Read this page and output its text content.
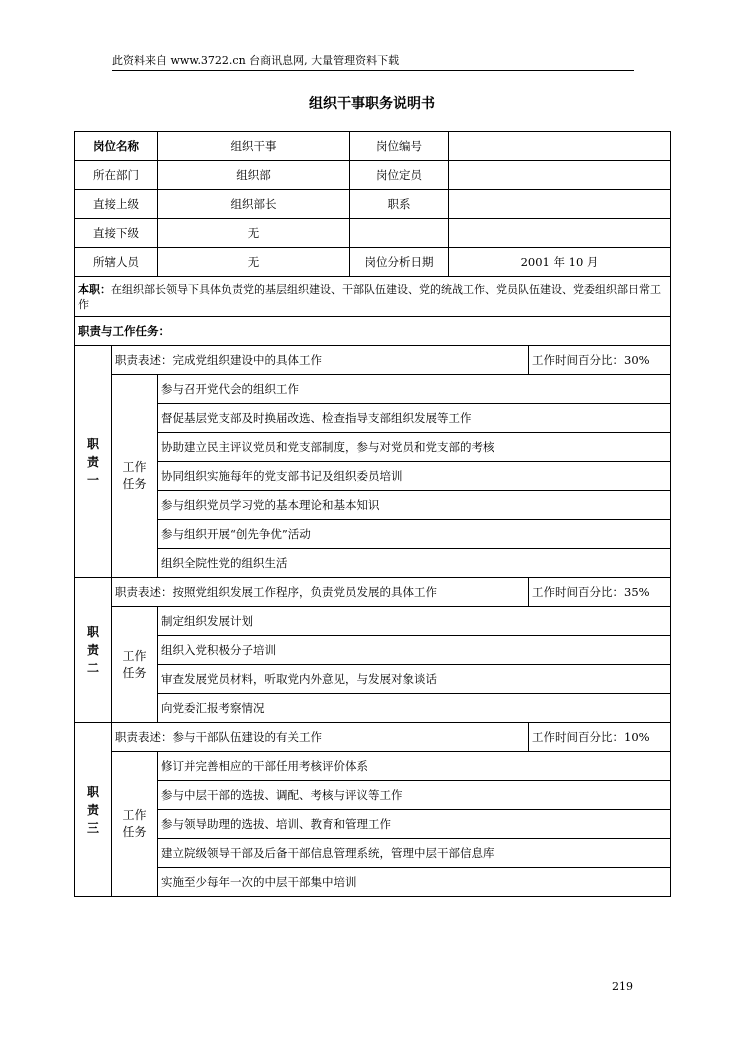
此资料来自 www.3722.cn 台商讯息网, 大量管理资料下载
组织干事职务说明书
岗位名称		组织干事	岗位编号		
所在部门		组织部	岗位定员		
直接上级		组织部长	职系		
直接下级		无			
所辖人员		无	岗位分析日期	2001 年 10 月	
本职：在组织部长领导下具体负责党的基层组织建设、干部队伍建设、党的统战工作、党员队伍建设、党委组织部日常工作					
职责与工作任务：					

职
责
一	职责表述：完成党组织建设中的具体工作				工作时间百分比：30%

	工作
任务	参与召开党代会的组织工作			
		督促基层党支部及时换届改选、检查指导支部组织发展等工作			
		协助建立民主评议党员和党支部制度，参与对党员和党支部的考核			
		协同组织实施每年的党支部书记及组织委员培训			
		参与组织党员学习党的基本理论和基本知识			
		参与组织开展“创先争优”活动			
		组织全院性党的组织生活			

职
责
二	职责表述：按照党组织发展工作程序，负责党员发展的具体工作				工作时间百分比：35%

	工作
任务	制定组织发展计划			
		组织入党积极分子培训			
		审查发展党员材料，听取党内外意见，与发展对象谈话			
		向党委汇报考察情况			

职
责
三	职责表述：参与干部队伍建设的有关工作				工作时间百分比：10%

	工作
任务	修订并完善相应的干部任用考核评价体系			
		参与中层干部的选拔、调配、考核与评议等工作			
		参与领导助理的选拔、培训、教育和管理工作			
		建立院级领导干部及后备干部信息管理系统，管理中层干部信息库			
		实施至少每年一次的中层干部集中培训			
219
